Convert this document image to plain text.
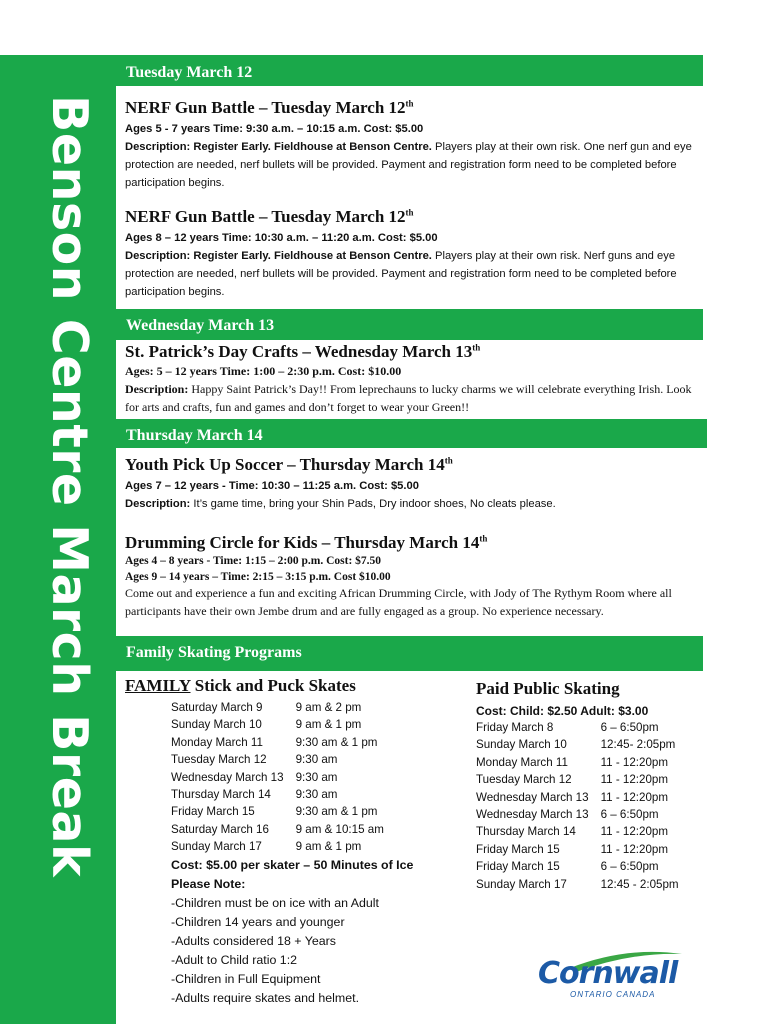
Benson Centre March Break
Tuesday March 12
Wednesday March 13
Thursday March 14
Family Skating Programs
NERF Gun Battle – Tuesday March 12th
Ages 5 - 7 years Time: 9:30 a.m. – 10:15 a.m. Cost: $5.00
Description: Register Early. Fieldhouse at Benson Centre. Players play at their own risk. One nerf gun and eye protection are needed, nerf bullets will be provided. Payment and registration form need to be completed before participation begins.
NERF Gun Battle – Tuesday March 12th
Ages 8 – 12 years Time: 10:30 a.m. – 11:20 a.m. Cost: $5.00
Description: Register Early. Fieldhouse at Benson Centre. Players play at their own risk. Nerf guns and eye protection are needed, nerf bullets will be provided. Payment and registration form need to be completed before participation begins.
St. Patrick’s Day Crafts – Wednesday March 13th
Ages: 5 – 12 years Time: 1:00 – 2:30 p.m. Cost: $10.00
Description: Happy Saint Patrick’s Day!! From leprechauns to lucky charms we will celebrate everything Irish. Look for arts and crafts, fun and games and don’t forget to wear your Green!!
Youth Pick Up Soccer – Thursday March 14th
Ages 7 – 12 years - Time: 10:30 – 11:25 a.m. Cost: $5.00
Description: It’s game time, bring your Shin Pads, Dry indoor shoes, No cleats please.
Drumming Circle for Kids – Thursday March 14th
Ages 4 – 8 years - Time: 1:15 – 2:00 p.m. Cost: $7.50
Ages 9 – 14 years – Time: 2:15 – 3:15 p.m. Cost $10.00
Come out and experience a fun and exciting African Drumming Circle, with Jody of The Rythym Room where all participants have their own Jembe drum and are fully engaged as a group. No experience necessary.
FAMILY Stick and Puck Skates
Saturday March 9	9 am & 2 pm
Sunday March 10	9 am & 1 pm
Monday March 11	9:30 am & 1 pm
Tuesday March 12	9:30 am
Wednesday March 13	9:30 am
Thursday March 14	9:30 am
Friday March 15	9:30 am & 1 pm
Saturday March 16	9 am & 10:15 am
Sunday March 17	9 am & 1 pm
Cost: $5.00 per skater – 50 Minutes of Ice
Please Note:
-Children must be on ice with an Adult
-Children 14 years and younger
-Adults considered 18 + Years
-Adult to Child ratio 1:2
-Children in Full Equipment
-Adults require skates and helmet.
Paid Public Skating
Cost: Child: $2.50 Adult: $3.00
Friday March 8	6 – 6:50pm
Sunday March 10	12:45- 2:05pm
Monday March 11	11 - 12:20pm
Tuesday March 12	11 - 12:20pm
Wednesday March 13	11 - 12:20pm
Wednesday March 13	6 – 6:50pm
Thursday March 14	11 - 12:20pm
Friday March 15	11 - 12:20pm
Friday March 15	6 – 6:50pm
Sunday March 17	12:45 - 2:05pm
Cornwall
ONTARIO CANADA
